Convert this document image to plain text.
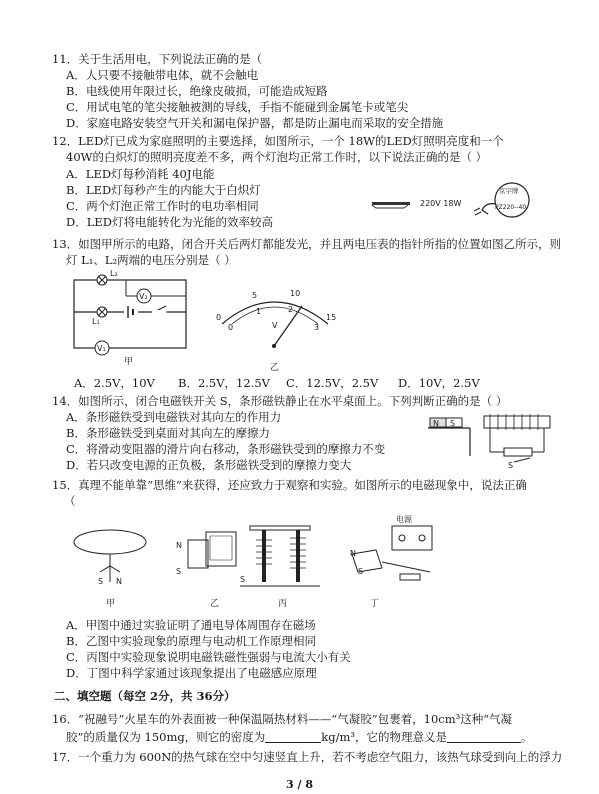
11．关于生活用电，下列说法正确的是（
A．人只要不接触带电体，就不会触电
B．电线使用年限过长，绝缘皮破损，可能造成短路
C．用试电笔的笔尖接触被测的导线，手指不能碰到金属笔卡或笔尖
D．家庭电路安装空气开关和漏电保护器，都是防止漏电而采取的安全措施
12．LED灯已成为家庭照明的主要选择，如图所示，一个 18W的LED灯照明亮度和一个
40W的白炽灯的照明亮度差不多，两个灯泡均正常工作时，以下说法正确的是（ ）
A．LED灯每秒消耗 40J电能
B．LED灯每秒产生的内能大于白炽灯
C．两个灯泡正常工作时的电功率相同
D．LED灯将电能转化为光能的效率较高
220V 18W
京字牌
PZ220--40
13．如图甲所示的电路，闭合开关后两灯都能发光，并且两电压表的指针所指的位置如图乙所示，则
灯 L₁、L₂两端的电压分别是（ ）
L₂
L₁
V₂
V₁
甲
0
5	10
15
0
1	2
3
V
乙
A．2.5V，10V B．2.5V，12.5V C．12.5V，2.5V D．10V，2.5V
14．如图所示，闭合电磁铁开关 S，条形磁铁静止在水平桌面上。下列判断正确的是（ ）
A．条形磁铁受到电磁铁对其向左的作用力
B．条形磁铁受到桌面对其向左的摩擦力
C．将滑动变阻器的滑片向右移动，条形磁铁受到的摩擦力不变
D．若只改变电源的正负极，条形磁铁受到的摩擦力变大
N S
S
15．真理不能单靠“思维”来获得，还应致力于观察和实验。如图所示的电磁现象中，说法正确
（
S N
甲
N
S
乙
S
丙
电源
N
S
丁
A．甲图中通过实验证明了通电导体周围存在磁场
B．乙图中实验现象的原理与电动机工作原理相同
C．丙图中实验现象说明电磁铁磁性强弱与电流大小有关
D．丁图中科学家通过该现象提出了电磁感应原理
二、填空题（每空 2分，共 36分）
16．“祝融号”火星车的外表面被一种保温隔热材料——“气凝胶”包裹着，10cm³这种“气凝
胶”的质量仅为 150mg，则它的密度为	kg/m³，它的物理意义是	。
17．一个重力为 600N的热气球在空中匀速竖直上升，若不考虑空气阻力，该热气球受到向上的浮力
3 / 8
